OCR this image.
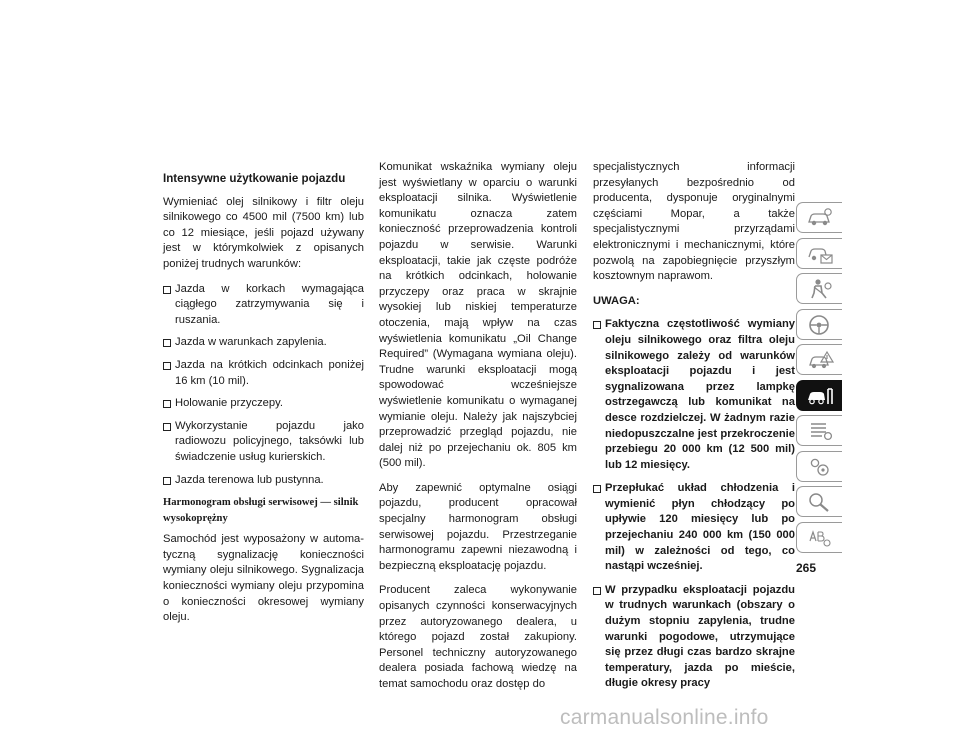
Intensywne użytkowanie pojazdu

Wymieniać olej silnikowy i filtr oleju silnikowego co 4500 mil (7500 km) lub co 12 miesiące, jeśli pojazd używany jest w którymkolwiek z opisanych poniżej trudnych warunków:

Jazda w korkach wymagająca ciągłego zatrzymywania się i ruszania.
Jazda w warunkach zapylenia.
Jazda na krótkich odcinkach poniżej 16 km (10 mil).
Holowanie przyczepy.
Wykorzystanie pojazdu jako radiowozu policyjnego, taksówki lub świadczenie usług kurierskich.
Jazda terenowa lub pustynna.
Harmonogram obsługi serwisowej — silnik wysokoprężny

Samochód jest wyposażony w automatyczną sygnalizację konieczności wymiany oleju silnikowego. Sygnalizacja konieczności wymiany oleju przypomina o konieczności okresowej wymiany oleju.

Komunikat wskaźnika wymiany oleju jest wyświetlany w oparciu o warunki eksploatacji silnika. Wyświetlenie komunikatu oznacza zatem konieczność przeprowadzenia kontroli pojazdu w serwisie. Warunki eksploatacji, takie jak częste podróże na krótkich odcinkach, holowanie przyczepy oraz praca w skrajnie wysokiej lub niskiej temperaturze otoczenia, mają wpływ na czas wyświetlenia komunikatu „Oil Change Required” (Wymagana wymiana oleju). Trudne warunki eksploatacji mogą spowodować wcześniejsze wyświetlenie komunikatu o wymaganej wymianie oleju. Należy jak najszybciej przeprowadzić przegląd pojazdu, nie dalej niż po przejechaniu ok. 805 km (500 mil).

Aby zapewnić optymalne osiągi pojazdu, producent opracował specjalny harmonogram obsługi serwisowej pojazdu. Przestrzeganie harmonogramu zapewni niezawodną i bezpieczną eksploatację pojazdu.

Producent zaleca wykonywanie opisanych czynności konserwacyjnych przez autoryzowanego dealera, u którego pojazd został zakupiony. Personel techniczny autoryzowanego dealera posiada fachową wiedzę na temat samochodu oraz dostęp do

specjalistycznych informacji przesyłanych bezpośrednio od producenta, dysponuje oryginalnymi częściami Mopar, a także specjalistycznymi przyrządami elektronicznymi i mechanicznymi, które pozwolą na zapobiegnięcie przyszłym kosztownym naprawom.

UWAGA:
Faktyczna częstotliwość wymiany oleju silnikowego oraz filtra oleju silnikowego zależy od warunków eksploatacji pojazdu i jest sygnalizowana przez lampkę ostrzegawczą lub komunikat na desce rozdzielczej. W żadnym razie niedopuszczalne jest przekroczenie przebiegu 20 000 km (12 500 mil) lub 12 miesięcy.
Przepłukać układ chłodzenia i wymienić płyn chłodzący po upływie 120 miesięcy lub po przejechaniu 240 000 km (150 000 mil) w zależności od tego, co nastąpi wcześniej.
W przypadku eksploatacji pojazdu w trudnych warunkach (obszary o dużym stopniu zapylenia, trudne warunki pogodowe, utrzymujące się przez długi czas bardzo skrajne temperatury, jazda po mieście, długie okresy pracy
265
carmanualsonline.info
